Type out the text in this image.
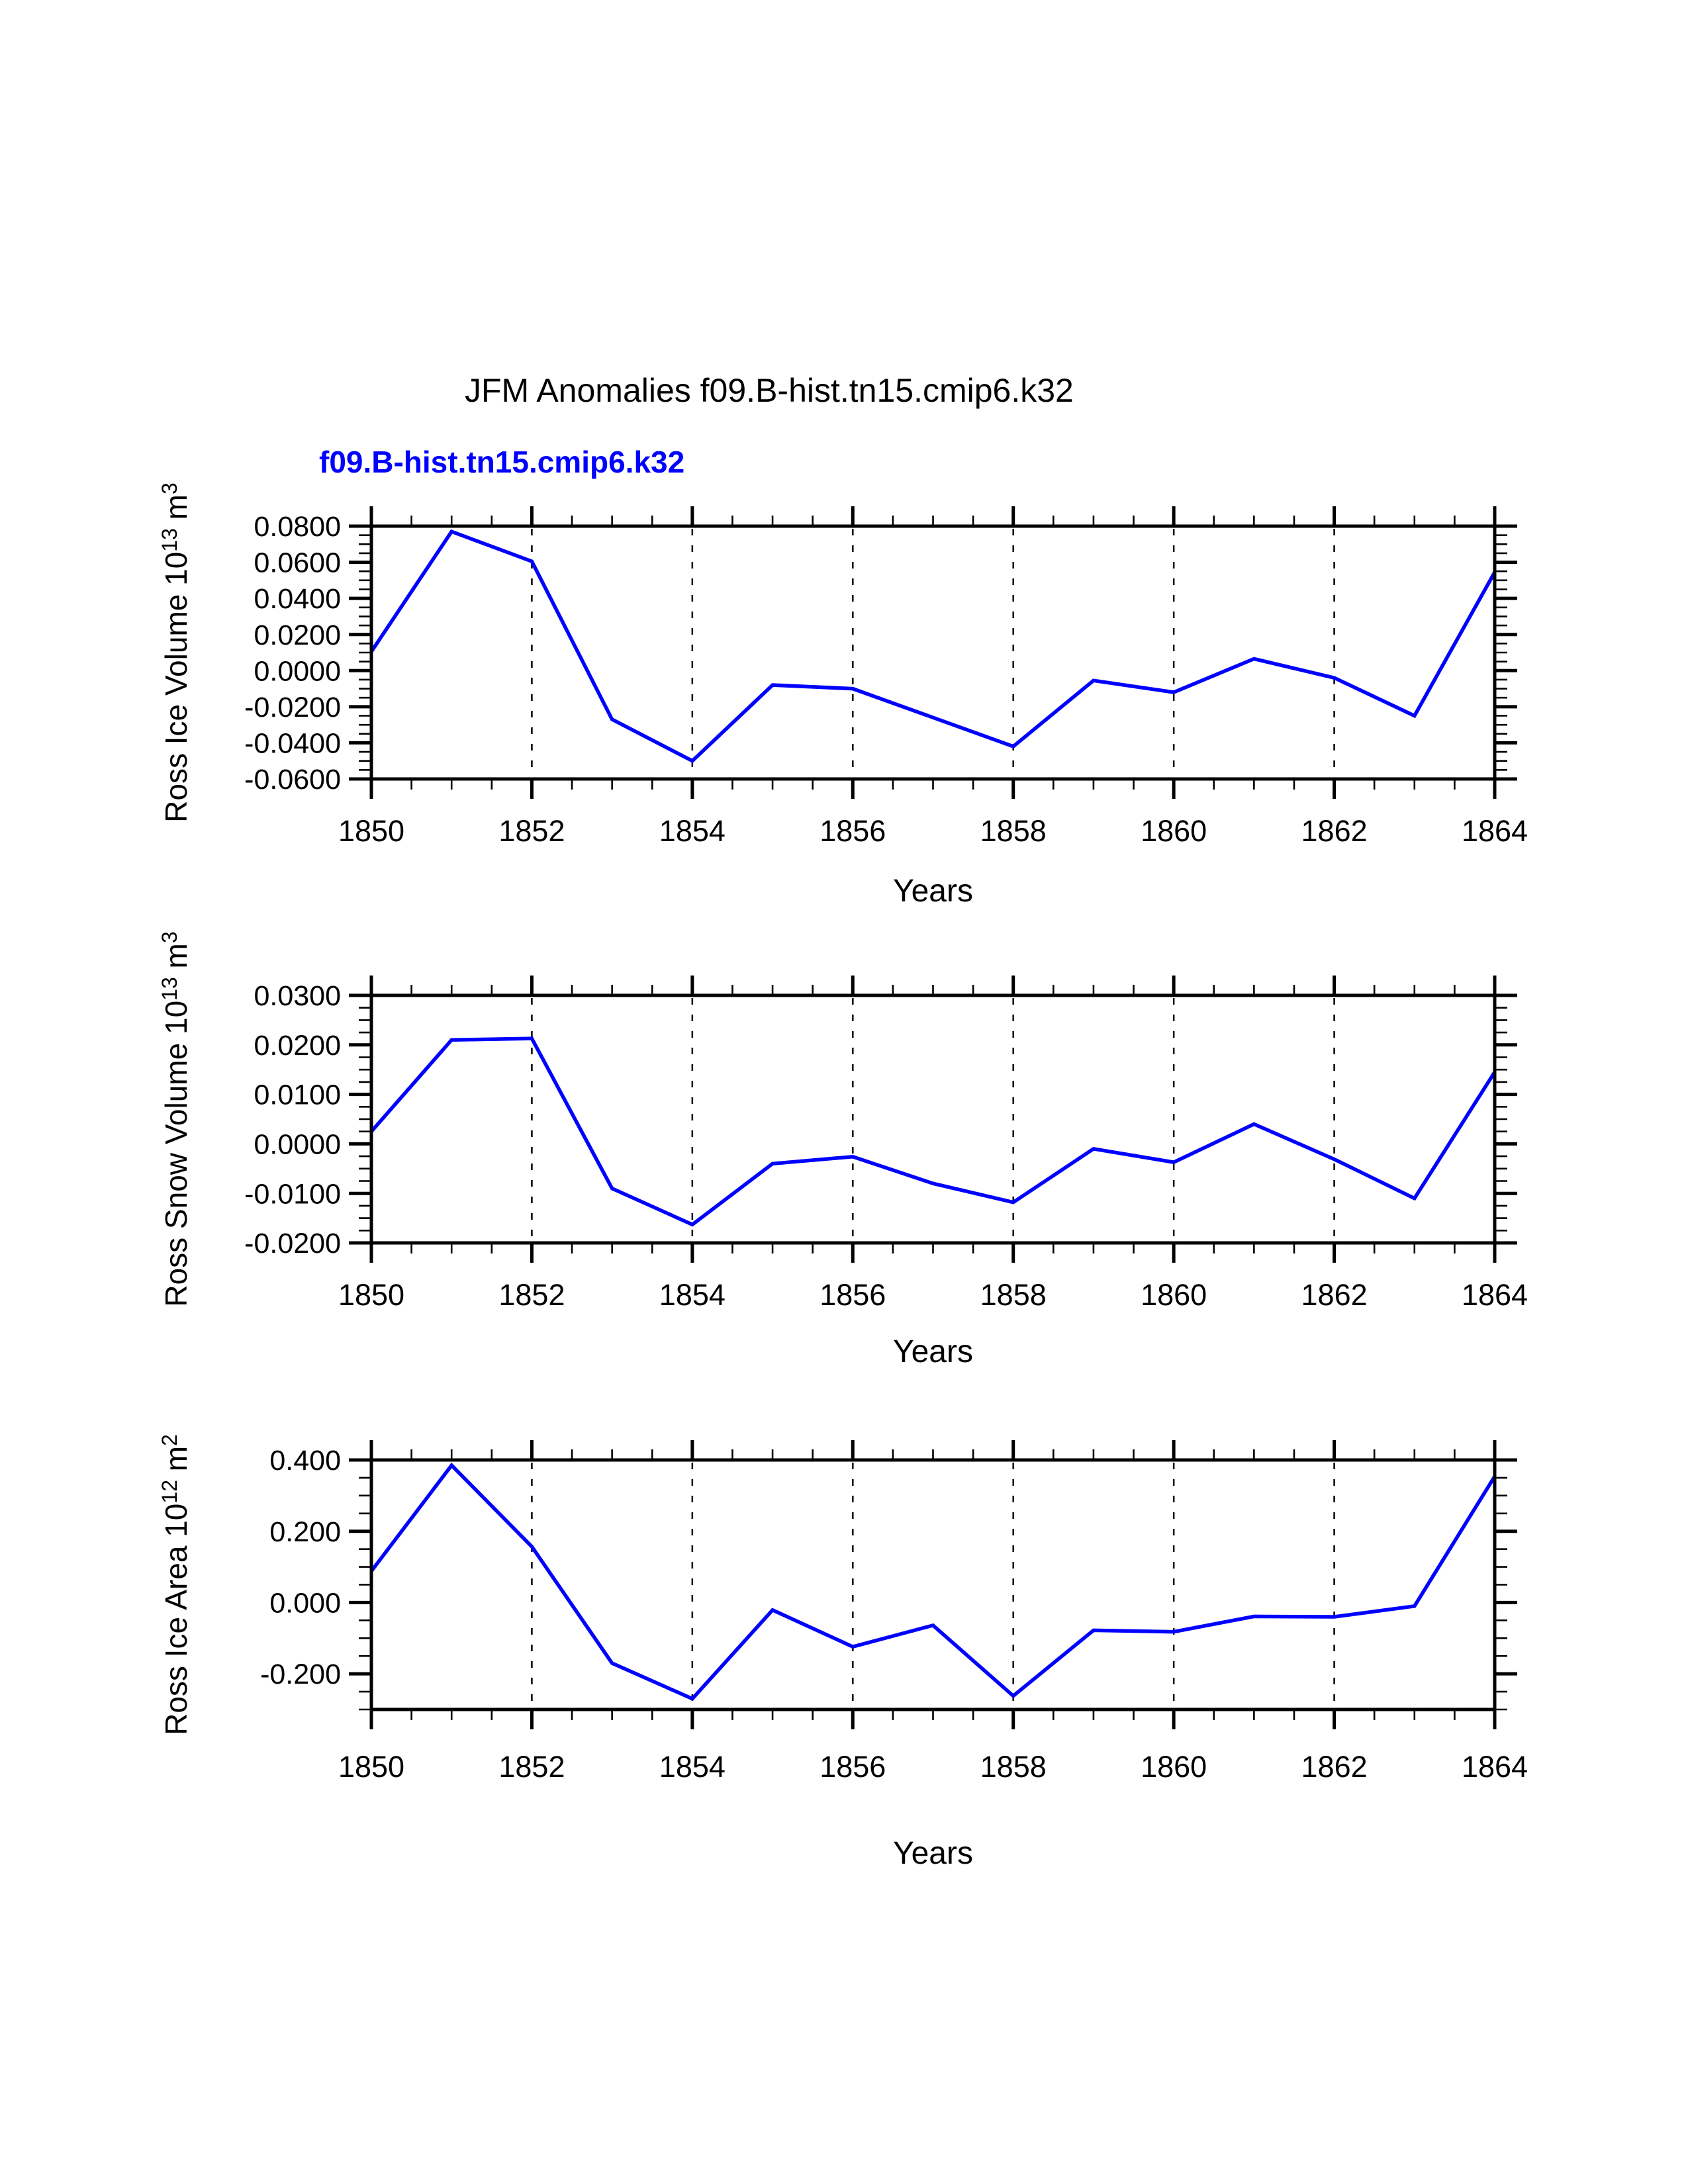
JFM Anomalies f09.B-hist.tn15.cmip6.k32
f09.B-hist.tn15.cmip6.k32
0.0800
0.0600
0.0400
0.0200
0.0000
-0.0200
-0.0400
-0.0600
1850	1852	1854	1856	1858	1860	1862	1864
Years
Ross Ice Volume $10^{13}$ $m^3$
0.0300
0.0200
0.0100
0.0000
-0.0100
-0.0200
1850	1852	1854	1856	1858	1860	1862	1864
Years
Ross Snow Volume $10^{13}$ $m^3$
0.400
0.200
0.000
-0.200
1850	1852	1854	1856	1858	1860	1862	1864
Years
Ross Ice Area $10^{12}$ $m^2$
